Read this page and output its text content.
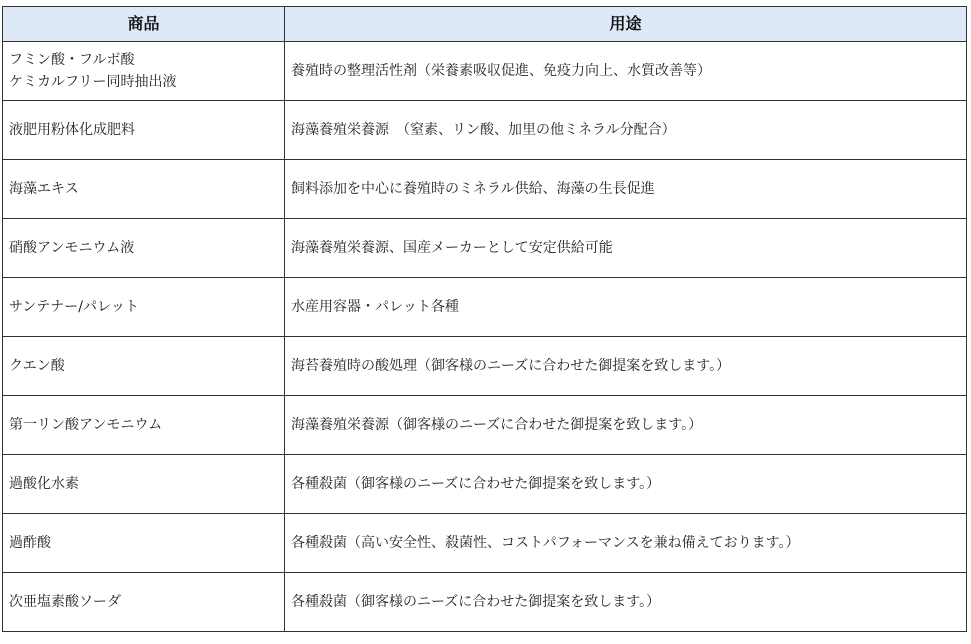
商品	用途

フミン酸・フルボ酸
ケミカルフリー同時抽出液	養殖時の整理活性剤（栄養素吸収促進、免疫力向上、水質改善等）

液肥用粉体化成肥料	海藻養殖栄養源　（窒素、リン酸、加里の他ミネラル分配合）

海藻エキス	飼料添加を中心に養殖時のミネラル供給、海藻の生長促進

硝酸アンモニウム液	海藻養殖栄養源、国産メーカーとして安定供給可能

サンテナー/パレット	水産用容器・パレット各種

クエン酸	海苔養殖時の酸処理（御客様のニーズに合わせた御提案を致します。）

第一リン酸アンモニウム	海藻養殖栄養源（御客様のニーズに合わせた御提案を致します。）

過酸化水素	各種殺菌（御客様のニーズに合わせた御提案を致します。）

過酢酸	各種殺菌（高い安全性、殺菌性、コストパフォーマンスを兼ね備えております。）

次亜塩素酸ソーダ	各種殺菌（御客様のニーズに合わせた御提案を致します。）
